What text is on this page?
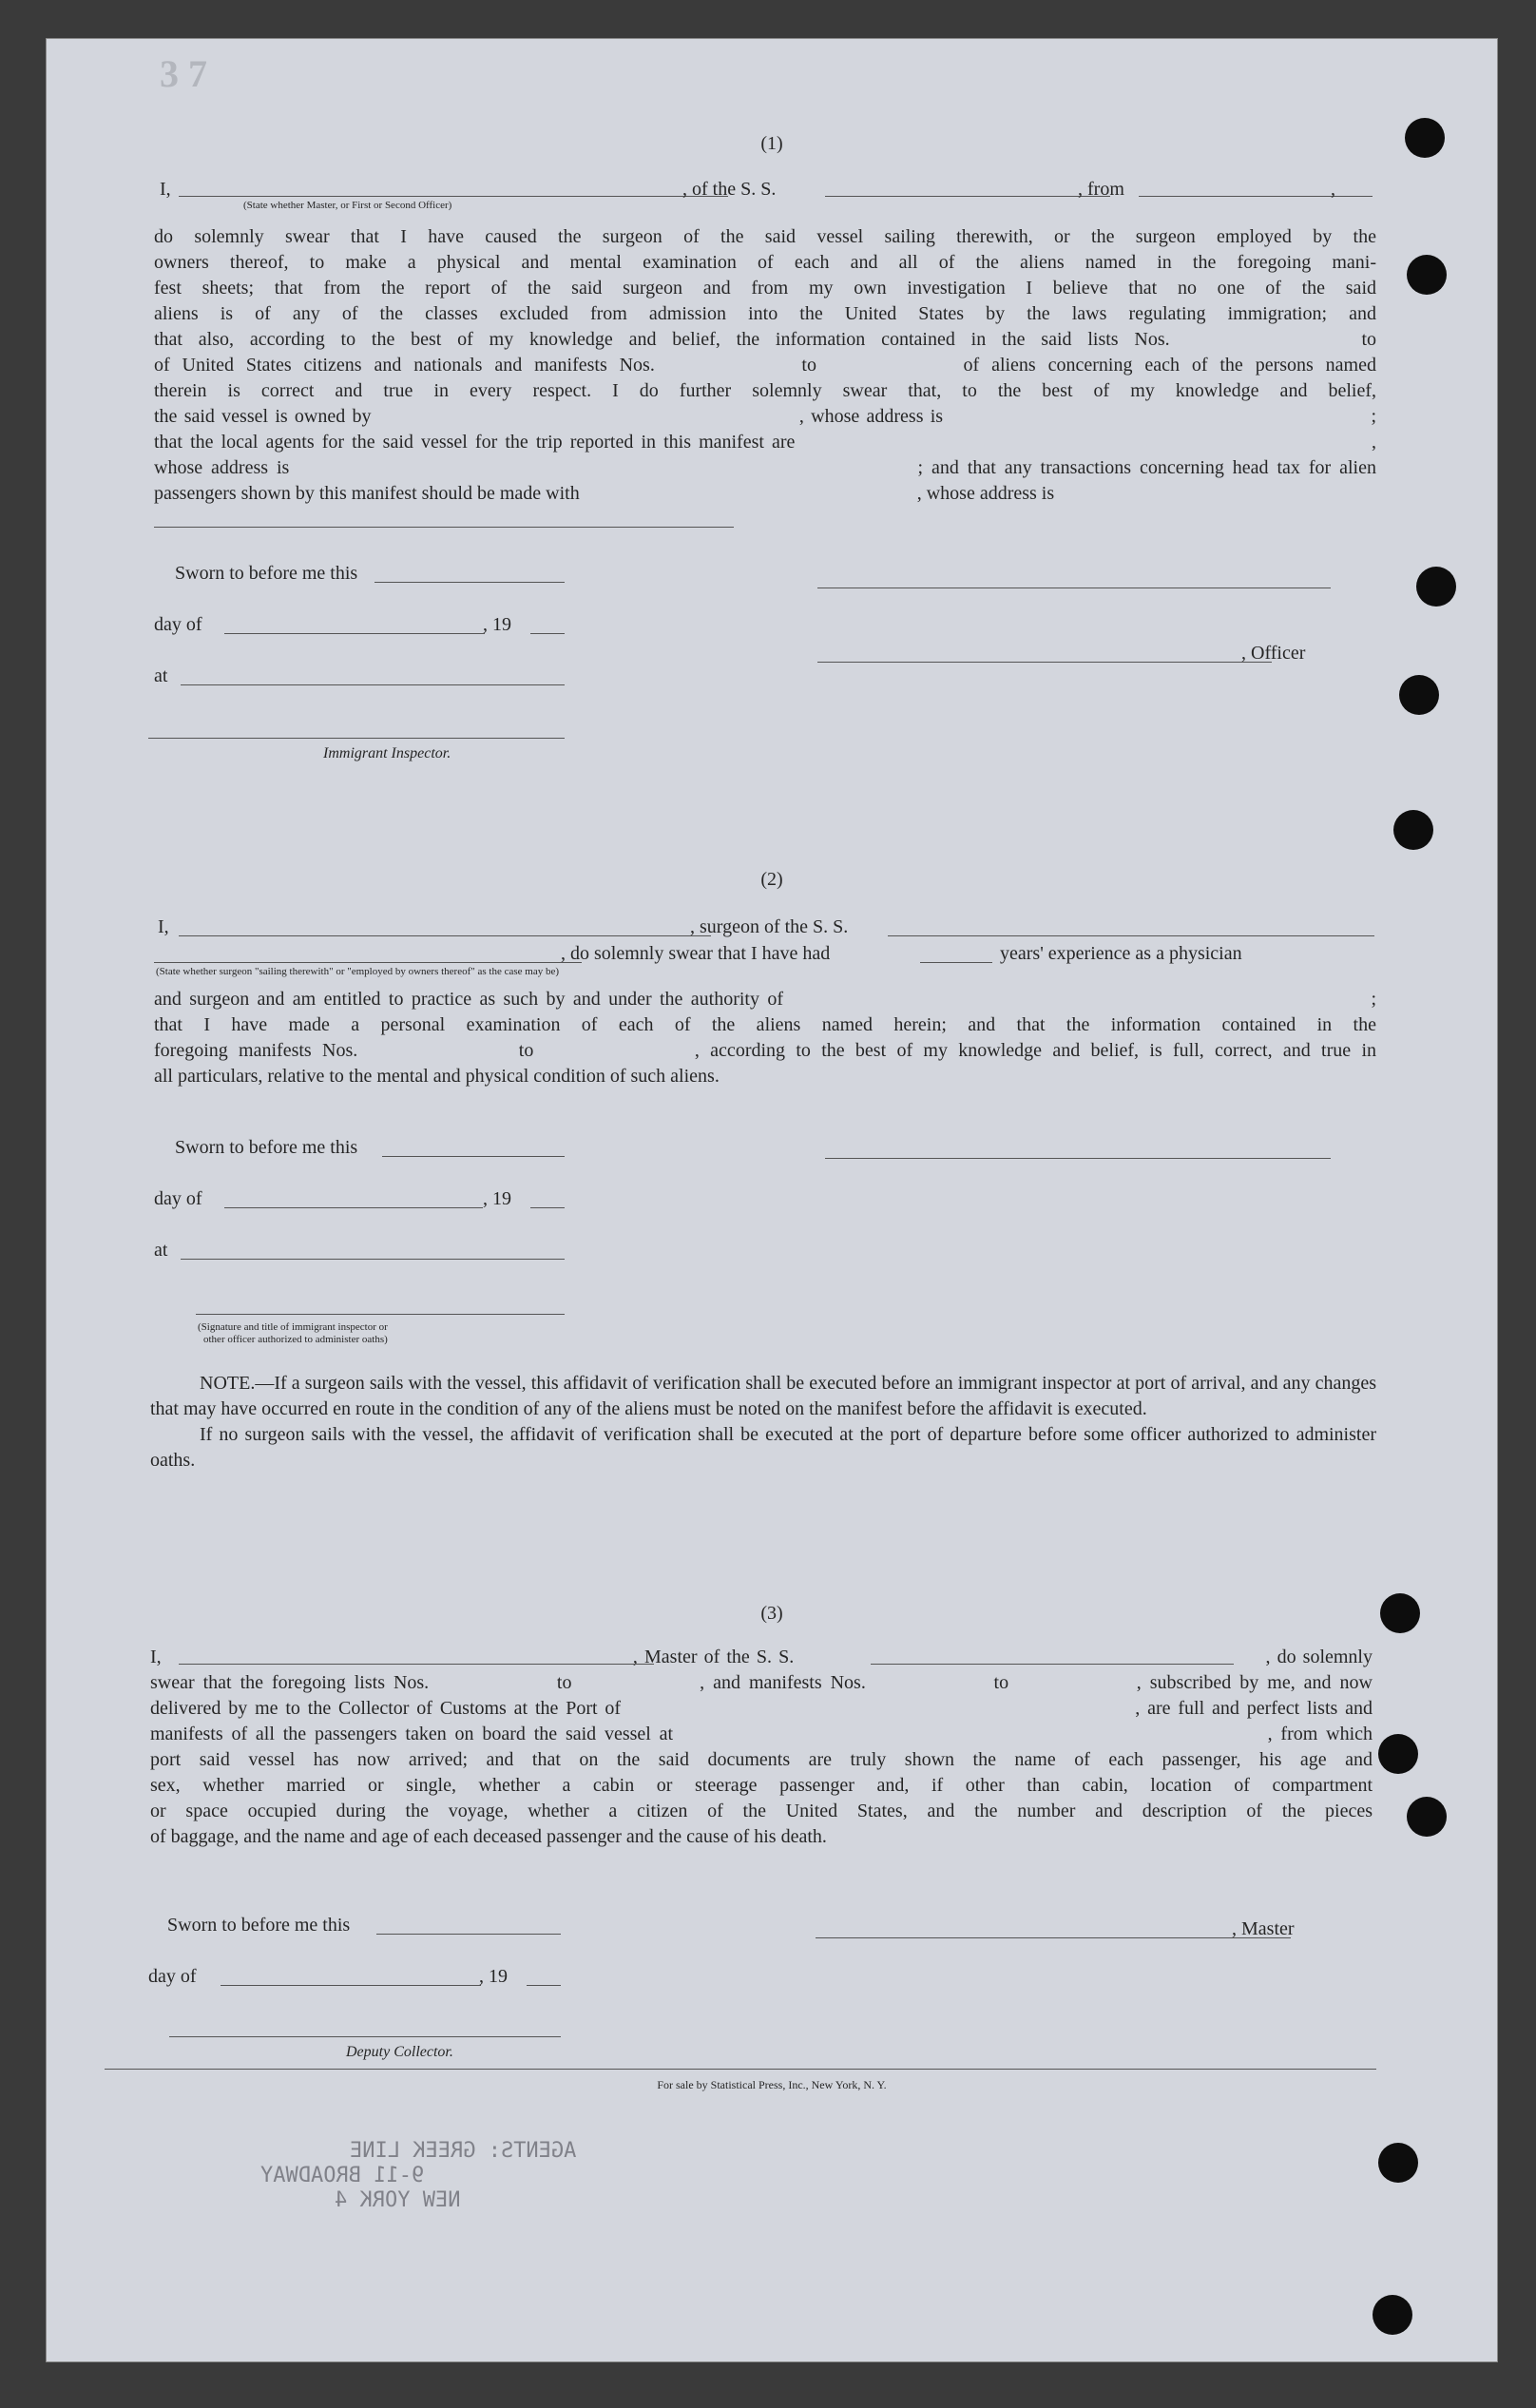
3 7
(1)
I,
(State whether Master, or First or Second Officer)
, of the S. S.	, from	,
do solemnly swear that I have caused the surgeon of the said vessel sailing therewith, or the surgeon employed by the
owners thereof, to make a physical and mental examination of each and all of the aliens named in the foregoing mani-
fest sheets; that from the report of the said surgeon and from my own investigation I believe that no one of the said
aliens is of any of the classes excluded from admission into the United States by the laws regulating immigration; and
that also, according to the best of my knowledge and belief, the information contained in the said lists Nos.            to
of United States citizens and nationals and manifests Nos.            to            of aliens concerning each of the persons named
therein is correct and true in every respect. I do further solemnly swear that, to the best of my knowledge and belief,
the said vessel is owned by                                                              , whose address is                                                              ;
that the local agents for the said vessel for the trip reported in this manifest are                                                                           ,
whose address is                                                                          ; and that any transactions concerning head tax for alien
passengers shown by this manifest should be made with                                                                       , whose address is
Sworn to before me this
day of	, 19
at
Immigrant Inspector.
, Officer
(2)
I,	, surgeon of the S. S.
, do solemnly swear that I have had	years' experience as a physician
(State whether surgeon "sailing therewith" or "employed by owners thereof" as the case may be)
and surgeon and am entitled to practice as such by and under the authority of                                                                          ;
that I have made a personal examination of each of the aliens named herein; and that the information contained in the
foregoing manifests Nos.               to               , according to the best of my knowledge and belief, is full, correct, and true in
all particulars, relative to the mental and physical condition of such aliens.
Sworn to before me this
day of	, 19
at
(Signature and title of immigrant inspector or
other officer authorized to administer oaths)

NOTE.—If a surgeon sails with the vessel, this affidavit of verification shall be executed before an immigrant inspector at port of arrival, and any changes that may have occurred en route in the condition of any of the aliens must be noted on the manifest before the affidavit is executed.

If no surgeon sails with the vessel, the affidavit of verification shall be executed at the port of departure before some officer authorized to administer oaths.

(3)
I,                                                                      , Master of the S. S.                                                                      , do solemnly
swear that the foregoing lists Nos.               to               , and manifests Nos.               to               , subscribed by me, and now
delivered by me to the Collector of Customs at the Port of                                                                     , are full and perfect lists and
manifests of all the passengers taken on board the said vessel at                                                                       , from which
port said vessel has now arrived; and that on the said documents are truly shown the name of each passenger, his age and
sex, whether married or single, whether a cabin or steerage passenger and, if other than cabin, location of compartment
or space occupied during the voyage, whether a citizen of the United States, and the number and description of the pieces
of baggage, and the name and age of each deceased passenger and the cause of his death.
Sworn to before me this	, Master
day of	, 19
Deputy Collector.
For sale by Statistical Press, Inc., New York, N. Y.
AGENTS: GREEK LINE
9-11 BROADWAY
NEW YORK 4
